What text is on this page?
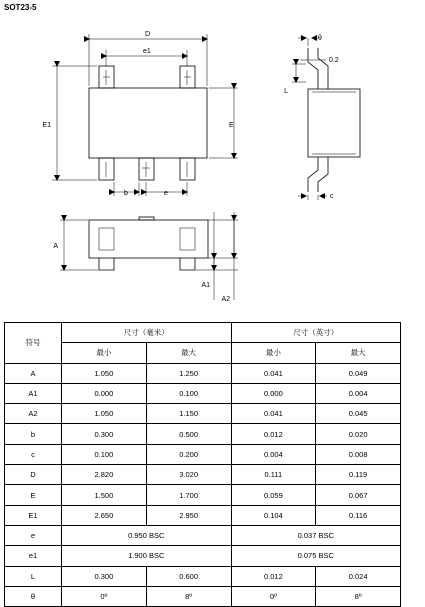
SOT23-5
D
e1
E1	E
b	e
θ
0.2
L
c
A
A1
A2
符号	尺寸（毫米）		尺寸（英寸）	
	最小	最大	最小	最大
A	1.050	1.250	0.041	0.049
A1	0.000	0.100	0.000	0.004
A2	1.050	1.150	0.041	0.045
b	0.300	0.500	0.012	0.020
c	0.100	0.200	0.004	0.008
D	2.820	3.020	0.111	0.119
E	1.500	1.700	0.059	0.067
E1	2.650	2.950	0.104	0.116
e	0.950 BSC		0.037 BSC	
e1	1.900 BSC		0.075 BSC	
L	0.300	0.600	0.012	0.024
θ	0º	8º	0º	8º
